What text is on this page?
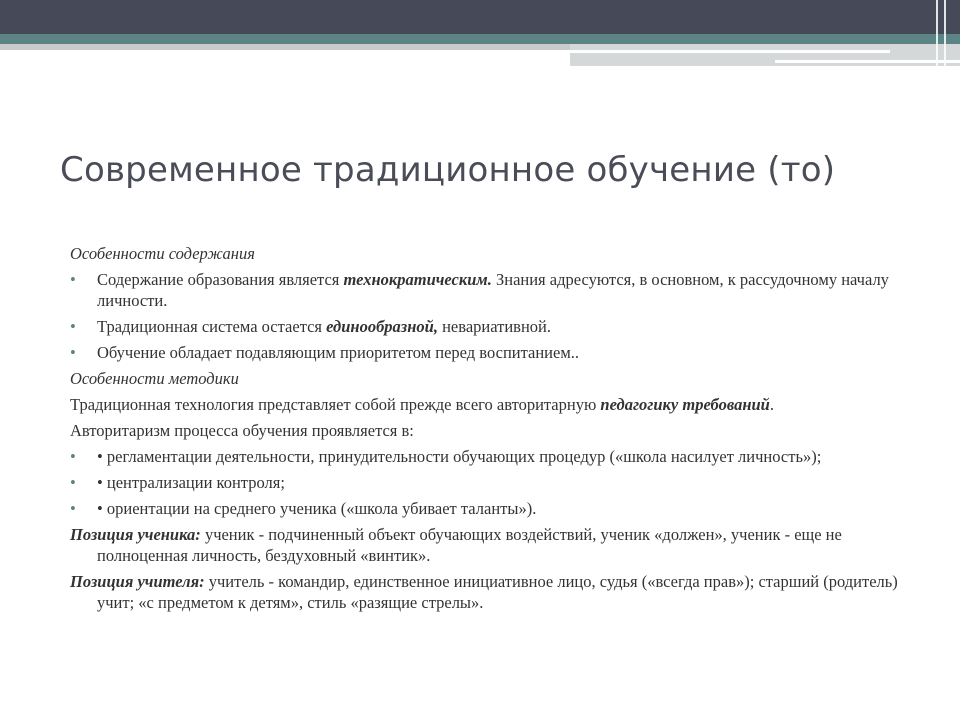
Современное традиционное обучение (то)

Особенности содержания

• Содержание образования является технократическим. Знания адресуются, в основном, к рассудочному началу личности.
• Традиционная система остается единообразной, невариативной.
• Обучение обладает подавляющим приоритетом перед воспитанием..

Особенности методики

Традиционная технология представляет собой прежде всего авторитарную педагогику требований.

Авторитаризм процесса обучения проявляется в:

• • регламентации деятельности, принудительности обучающих процедур («школа насилует личность»);
• • централизации контроля;
• • ориентации на среднего ученика («школа убивает таланты»).

Позиция ученика: ученик - подчиненный объект обучающих воздействий, ученик «должен», ученик - еще не полноценная личность, бездуховный «винтик».

Позиция учителя: учитель - командир, единственное инициативное лицо, судья («всегда прав»); старший (родитель) учит; «с предметом к детям», стиль «разящие стрелы».
